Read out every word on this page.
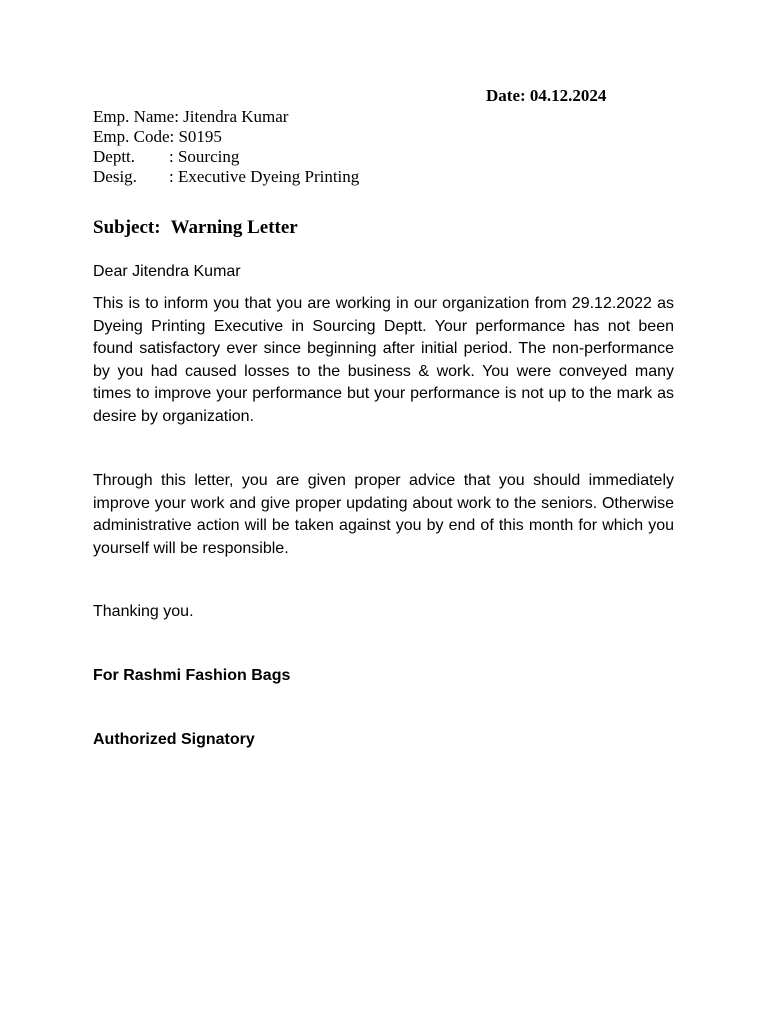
Date: 04.12.2024
Emp. Name:
Jitendra Kumar
Emp. Code:
S0195
Deptt.	: Sourcing
Desig.	: Executive Dyeing Printing
Subject: Warning Letter
Dear Jitendra Kumar

This is to inform you that you are working in our organization from 29.12.2022 as Dyeing Printing Executive in Sourcing Deptt. Your performance has not been found satisfactory ever since beginning after initial period. The non-performance by you had caused losses to the business & work. You were conveyed many times to improve your performance but your performance is not up to the mark as desire by organization.

Through this letter, you are given proper advice that you should immediately improve your work and give proper updating about work to the seniors. Otherwise administrative action will be taken against you by end of this month for which you yourself will be responsible.

Thanking you.
For Rashmi Fashion Bags
Authorized Signatory
